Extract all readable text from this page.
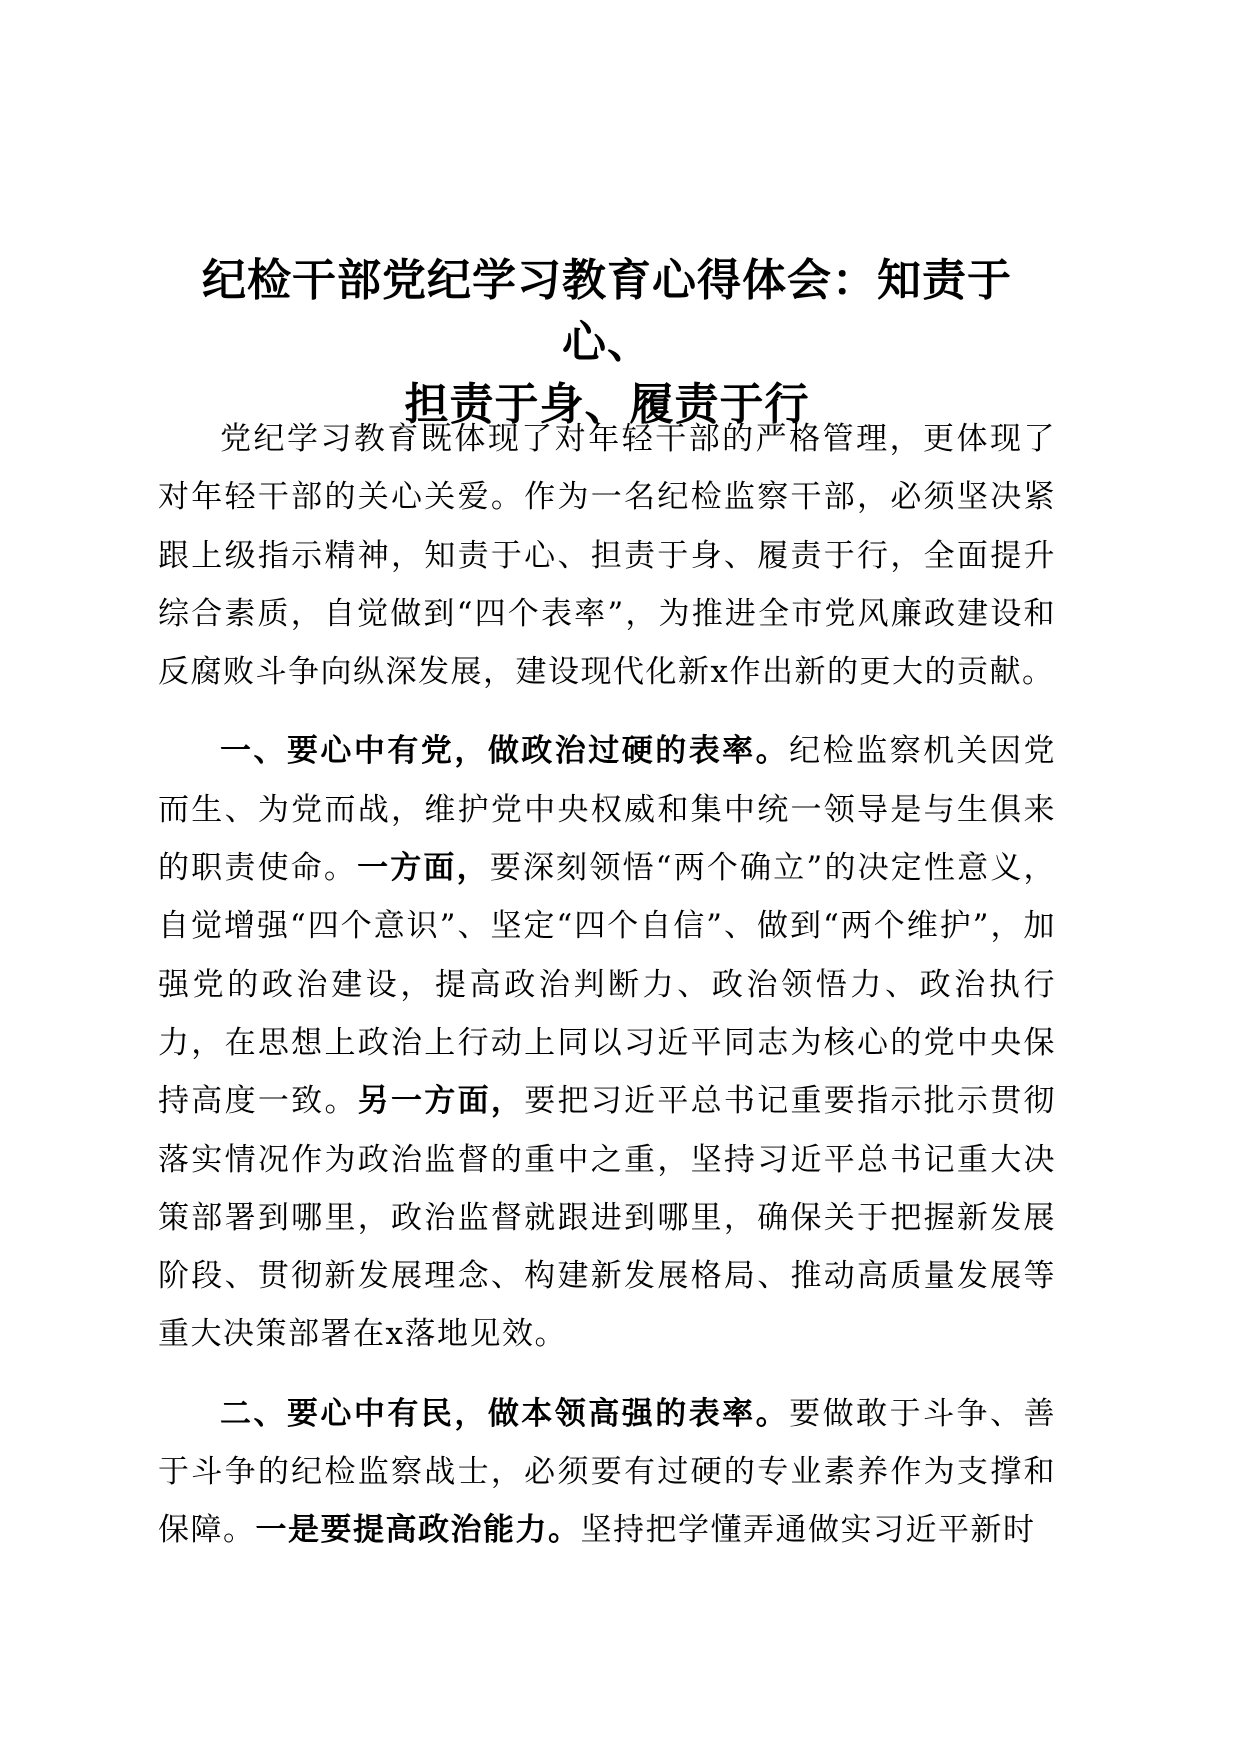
纪检干部党纪学习教育心得体会：知责于心、
担责于身、履责于行

党纪学习教育既体现了对年轻干部的严格管理，更体现了对年轻干部的关心关爱。作为一名纪检监察干部，必须坚决紧跟上级指示精神，知责于心、担责于身、履责于行，全面提升综合素质，自觉做到“四个表率”，为推进全市党风廉政建设和反腐败斗争向纵深发展，建设现代化新x作出新的更大的贡献。

一、要心中有党，做政治过硬的表率。纪检监察机关因党而生、为党而战，维护党中央权威和集中统一领导是与生俱来的职责使命。一方面，要深刻领悟“两个确立”的决定性意义，自觉增强“四个意识”、坚定“四个自信”、做到“两个维护”，加强党的政治建设，提高政治判断力、政治领悟力、政治执行力，在思想上政治上行动上同以习近平同志为核心的党中央保持高度一致。另一方面，要把习近平总书记重要指示批示贯彻落实情况作为政治监督的重中之重，坚持习近平总书记重大决策部署到哪里，政治监督就跟进到哪里，确保关于把握新发展阶段、贯彻新发展理念、构建新发展格局、推动高质量发展等重大决策部署在x落地见效。

二、要心中有民，做本领高强的表率。要做敢于斗争、善于斗争的纪检监察战士，必须要有过硬的专业素养作为支撑和保障。一是要提高政治能力。坚持把学懂弄通做实习近平新时
